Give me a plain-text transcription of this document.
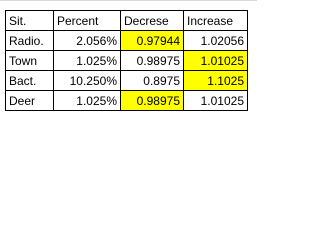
Sit.	Percent	Decrese	Increase
Radio.	2.056%	0.97944	1.02056
Town	1.025%	0.98975	1.01025
Bact.	10.250%	0.8975	1.1025
Deer	1.025%	0.98975	1.01025
